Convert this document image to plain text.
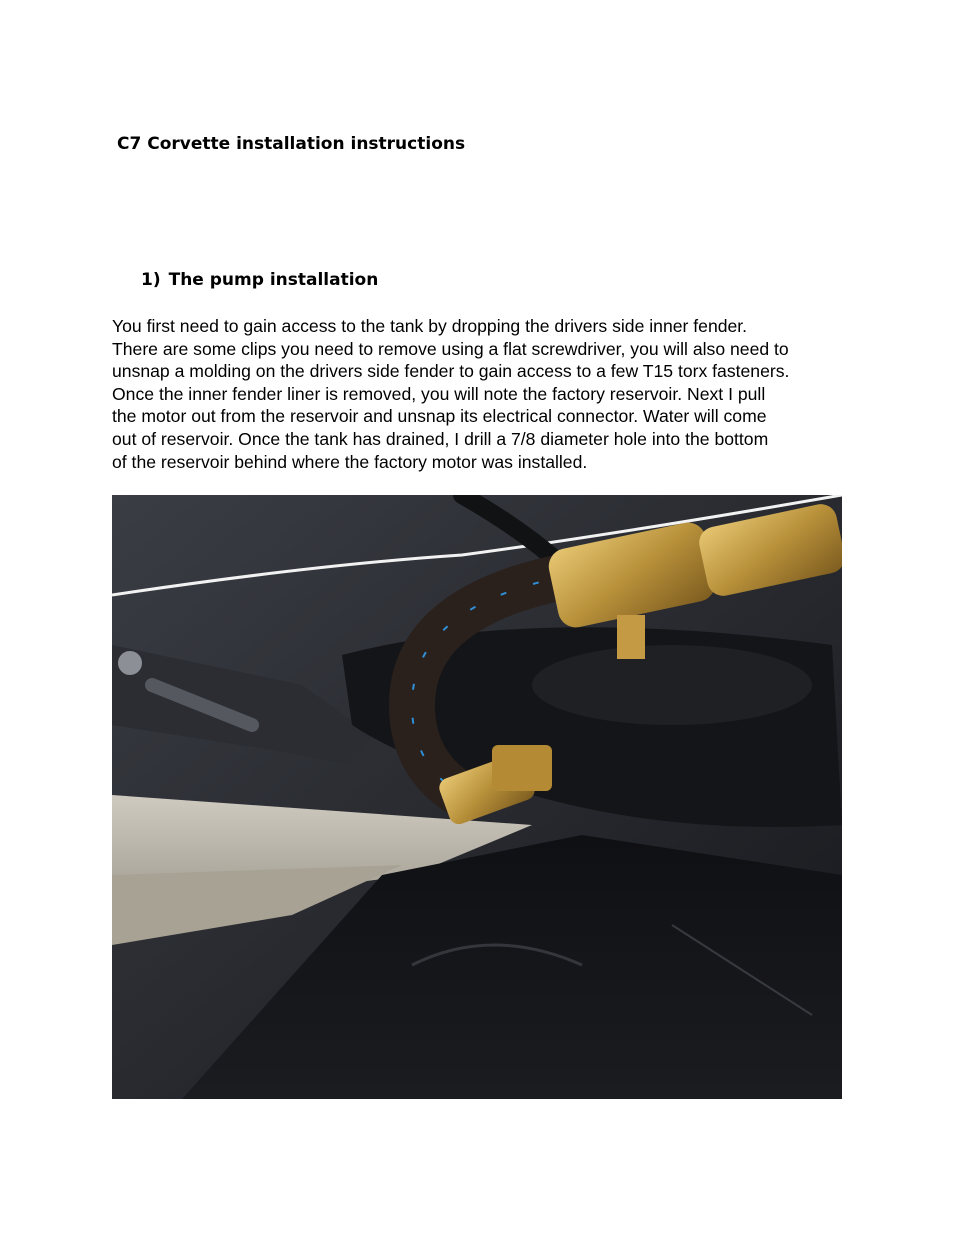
C7 Corvette installation instructions
1) The pump installation

You first need to gain access to the tank by dropping the drivers side inner fender.
There are some clips you need to remove using a flat screwdriver, you will also need to
unsnap a molding on the drivers side fender to gain access to a few T15 torx fasteners.
Once the inner fender liner is removed, you will note the factory reservoir. Next I pull
the motor out from the reservoir and unsnap its electrical connector. Water will come
out of reservoir. Once the tank has drained, I drill a 7/8 diameter hole into the bottom
of the reservoir behind where the factory motor was installed.
